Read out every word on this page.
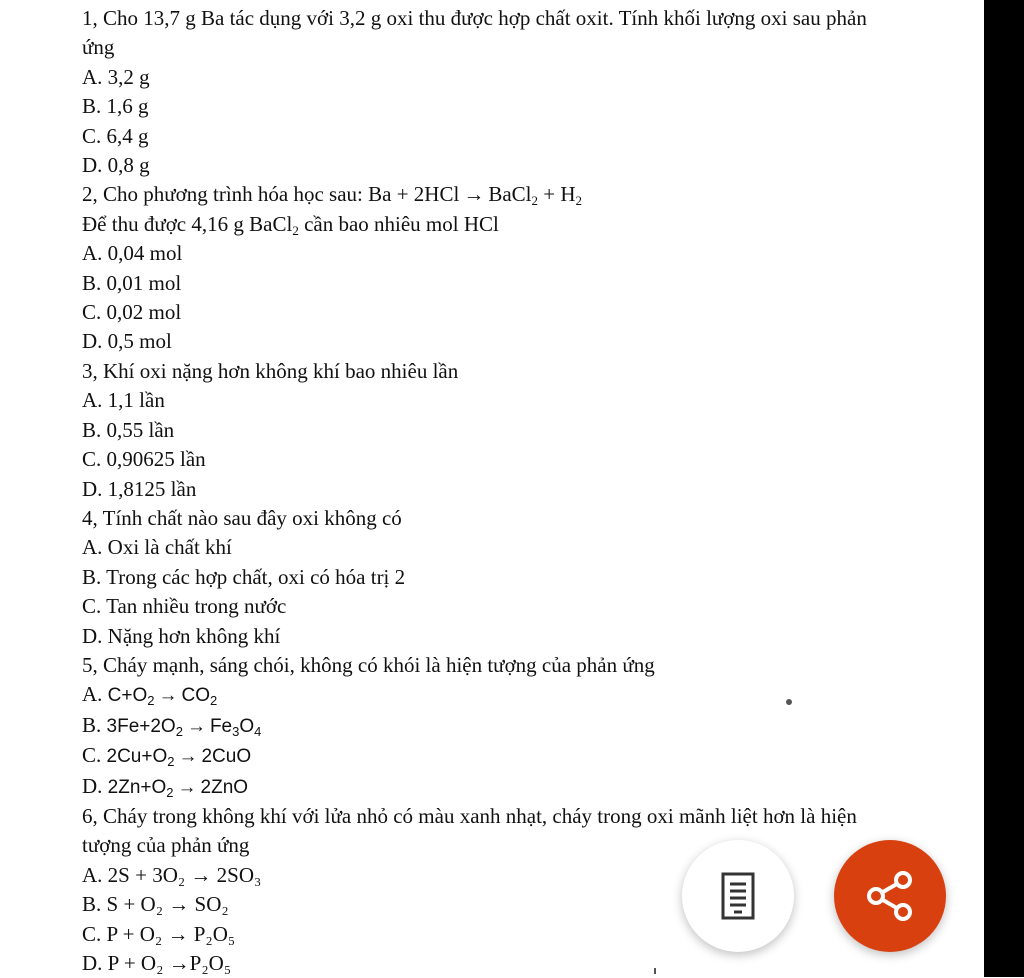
1, Cho 13,7 g Ba tác dụng với 3,2 g oxi thu được hợp chất oxit. Tính khối lượng oxi sau phản
ứng
A. 3,2 g
B. 1,6 g
C. 6,4 g
D. 0,8 g
2, Cho phương trình hóa học sau: Ba + 2HCl → BaCl$_2$ + $H_2$
Để thu được 4,16 g BaCl$_2$ cần bao nhiêu mol HCl
A. 0,04 mol
B. 0,01 mol
C. 0,02 mol
D. 0,5 mol
3, Khí oxi nặng hơn không khí bao nhiêu lần
A. 1,1 lần
B. 0,55 lần
C. 0,90625 lần
D. 1,8125 lần
4, Tính chất nào sau đây oxi không có
A. Oxi là chất khí
B. Trong các hợp chất, oxi có hóa trị 2
C. Tan nhiều trong nước
D. Nặng hơn không khí
5, Cháy mạnh, sáng chói, không có khói là hiện tượng của phản ứng
A. $C+O_2 \to CO_2$
B. $3Fe+2O_2 \to Fe_3O_4$
C. $2Cu+O_2 \to 2CuO$
D. $2Zn+O_2 \to 2ZnO$
6, Cháy trong không khí với lửa nhỏ có màu xanh nhạt, cháy trong oxi mãnh liệt hơn là hiện
tượng của phản ứng
A. 2S + 3O₂ → 2SO₃
B. S + O₂ → SO₂
C. P + O₂ → P₂O₅
D. P + O₂ →P₂O₅
